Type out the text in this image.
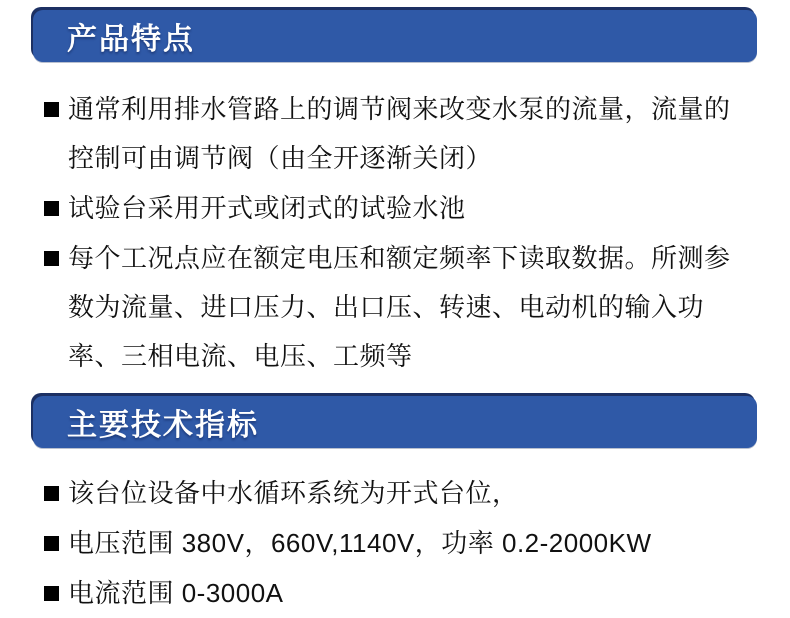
产品特点
通常利用排水管路上的调节阀来改变水泵的流量，流量的控制可由调节阀（由全开逐渐关闭）
试验台采用开式或闭式的试验水池
每个工况点应在额定电压和额定频率下读取数据。所测参数为流量、进口压力、出口压、转速、电动机的输入功率、三相电流、电压、工频等
主要技术指标
该台位设备中水循环系统为开式台位，
电压范围 380V，660V,1140V，功率 0.2-2000KW
电流范围 0-3000A
